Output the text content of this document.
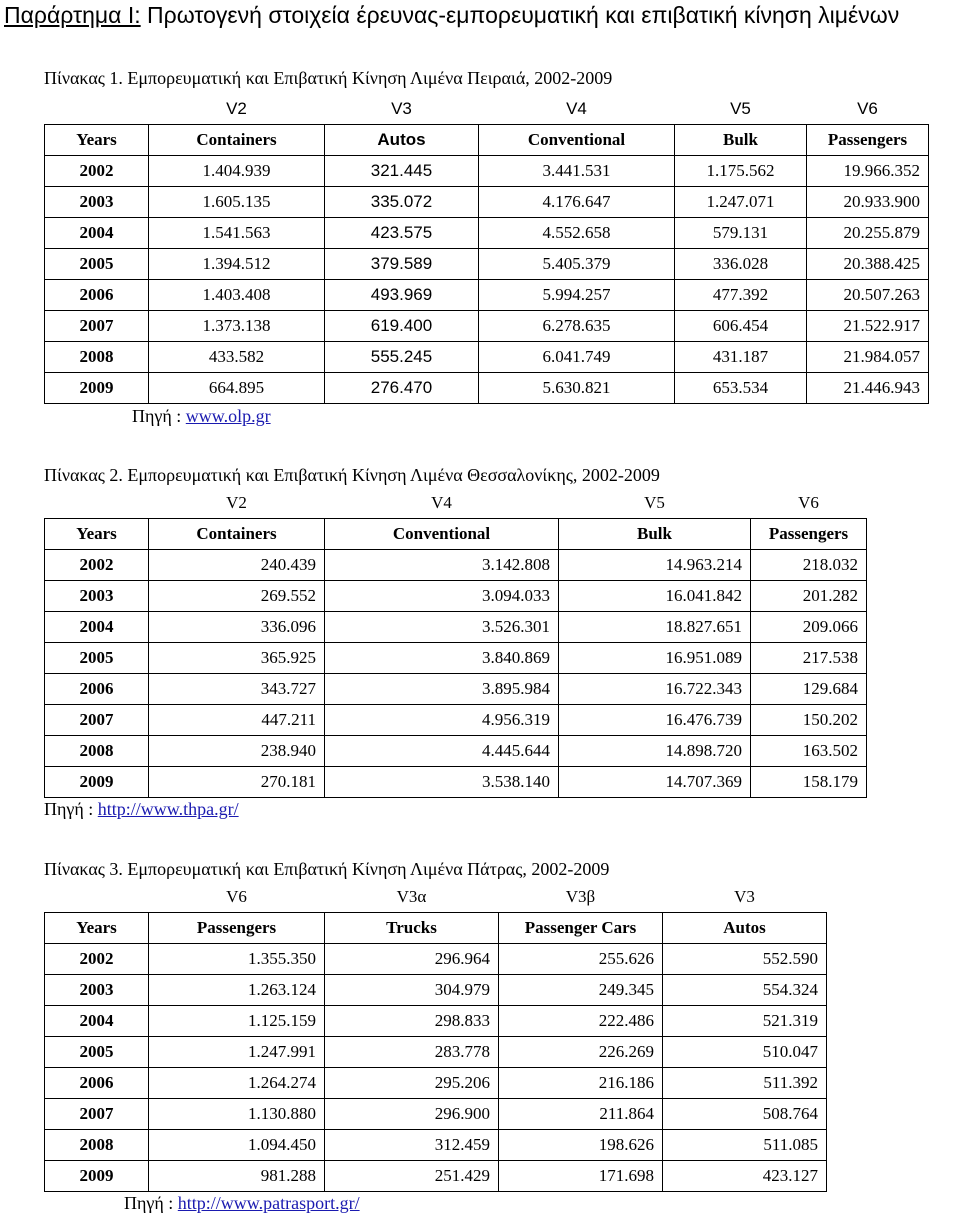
Παράρτημα Ι: Πρωτογενή στοιχεία έρευνας-εμπορευματική και επιβατική κίνηση λιμένων
Πίνακας 1. Εμπορευματική και Επιβατική Κίνηση Λιμένα Πειραιά, 2002-2009
	V2	V3	V4	V5	V6
Years	Containers	Autos	Conventional	Bulk	Passengers
2002	1.404.939	321.445	3.441.531	1.175.562	19.966.352
2003	1.605.135	335.072	4.176.647	1.247.071	20.933.900
2004	1.541.563	423.575	4.552.658	579.131	20.255.879
2005	1.394.512	379.589	5.405.379	336.028	20.388.425
2006	1.403.408	493.969	5.994.257	477.392	20.507.263
2007	1.373.138	619.400	6.278.635	606.454	21.522.917
2008	433.582	555.245	6.041.749	431.187	21.984.057
2009	664.895	276.470	5.630.821	653.534	21.446.943
Πηγή : www.olp.gr
Πίνακας 2. Εμπορευματική και Επιβατική Κίνηση Λιμένα Θεσσαλονίκης, 2002-2009
	V2	V4	V5	V6
Years	Containers	Conventional	Bulk	Passengers
2002	240.439	3.142.808	14.963.214	218.032
2003	269.552	3.094.033	16.041.842	201.282
2004	336.096	3.526.301	18.827.651	209.066
2005	365.925	3.840.869	16.951.089	217.538
2006	343.727	3.895.984	16.722.343	129.684
2007	447.211	4.956.319	16.476.739	150.202
2008	238.940	4.445.644	14.898.720	163.502
2009	270.181	3.538.140	14.707.369	158.179
Πηγή : http://www.thpa.gr/
Πίνακας 3. Εμπορευματική και Επιβατική Κίνηση Λιμένα Πάτρας, 2002-2009
	V6	V3α	V3β	V3
Years	Passengers	Trucks	Passenger Cars	Autos
2002	1.355.350	296.964	255.626	552.590
2003	1.263.124	304.979	249.345	554.324
2004	1.125.159	298.833	222.486	521.319
2005	1.247.991	283.778	226.269	510.047
2006	1.264.274	295.206	216.186	511.392
2007	1.130.880	296.900	211.864	508.764
2008	1.094.450	312.459	198.626	511.085
2009	981.288	251.429	171.698	423.127
Πηγή : http://www.patrasport.gr/
